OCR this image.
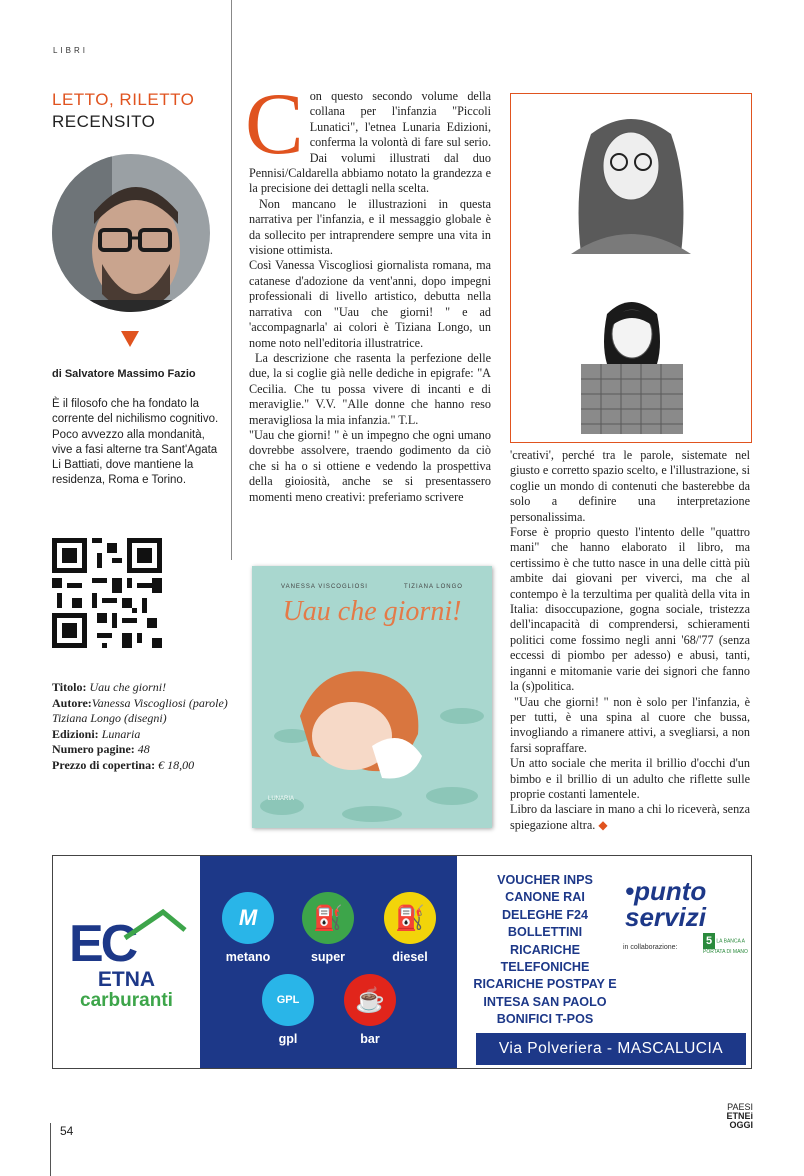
LIBRI
LETTO, RILETTO
RECENSITO
di Salvatore Massimo Fazio
È il filosofo che ha fondato la corrente del nichilismo cognitivo. Poco avvezzo alla mondanità, vive a fasi alterne tra Sant'Agata Li Battiati, dove mantiene la residenza, Roma e Torino.
Titolo: Uau che giorni!
Autore:Vanessa Viscogliosi (parole) Tiziana Longo (disegni)
Edizioni: Lunaria
Numero pagine: 48
Prezzo di copertina: € 18,00
C on questo secondo volume della collana per l'infanzia "Piccoli Lunatici", l'etnea Lunaria Edizioni, conferma la volontà di fare sul serio. Dai volumi illustrati dal duo Pennisi/Caldarella abbiamo notato la grandezza e la precisione dei dettagli nella scelta.

Non mancano le illustrazioni in questa narrativa per l'infanzia, e il messaggio globale è da sollecito per intraprendere sempre una vita in visione ottimista.

Così Vanessa Viscogliosi giornalista romana, ma catanese d'adozione da vent'anni, dopo impegni professionali di livello artistico, debutta nella narrativa con "Uau che giorni! " e ad 'accompagnarla' ai colori è Tiziana Longo, un nome noto nell'editoria illustratrice.

La descrizione che rasenta la perfezione delle due, la si coglie già nelle dediche in epigrafe: "A Cecilia. Che tu possa vivere di incanti e di meraviglie." V.V. "Alle donne che hanno reso meravigliosa la mia infanzia." T.L.

"Uau che giorni! " è un impegno che ogni umano dovrebbe assolvere, traendo godimento da ciò che si ha o si ottiene e vedendo la prospettiva della gioiosità, anche se si presentassero momenti meno creativi: preferiamo scrivere

'creativi', perché tra le parole, sistemate nel giusto e corretto spazio scelto, e l'illustrazione, si coglie un mondo di contenuti che basterebbe da solo a definire una interpretazione personalissima.

Forse è proprio questo l'intento delle "quattro mani" che hanno elaborato il libro, ma certissimo è che tutto nasce in una delle città più ambite dai giovani per viverci, ma che al contempo è la terzultima per qualità della vita in Italia: disoccupazione, gogna sociale, tristezza dell'incapacità di comprendersi, schieramenti politici come fossimo negli anni '68/'77 (senza eccessi di piombo per adesso) e abusi, tanti, inganni e mitomanie varie dei signori che fanno la (s)politica.

"Uau che giorni! " non è solo per l'infanzia, è per tutti, è una spina al cuore che bussa, invogliando a rimanere attivi, a svegliarsi, a non farsi sopraffare.

Un atto sociale che merita il brillio d'occhi d'un bimbo e il brillio di un adulto che riflette sulle proprie costanti lamentele.

Libro da lasciare in mano a chi lo riceverà, senza spiegazione altra. ◆

VANESSA VISCOGLIOSI	TIZIANA LONGO
Uau che giorni!
LUNARIA
EC
ETNA
carburanti
M
metano
⛽
super
⛽
diesel
GPL
gpl
☕
bar
VOUCHER INPS
CANONE RAI
DELEGHE F24
BOLLETTINI
RICARICHE
TELEFONICHE
RICARICHE POSTPAY E
INTESA SAN PAOLO
BONIFICI T-POS
•punto
servizi
in collaborazione:
5 LA BANCA A PORTATA DI MANO
Via Polveriera - MASCALUCIA
54
PAESI
ETNEi
OGGI
